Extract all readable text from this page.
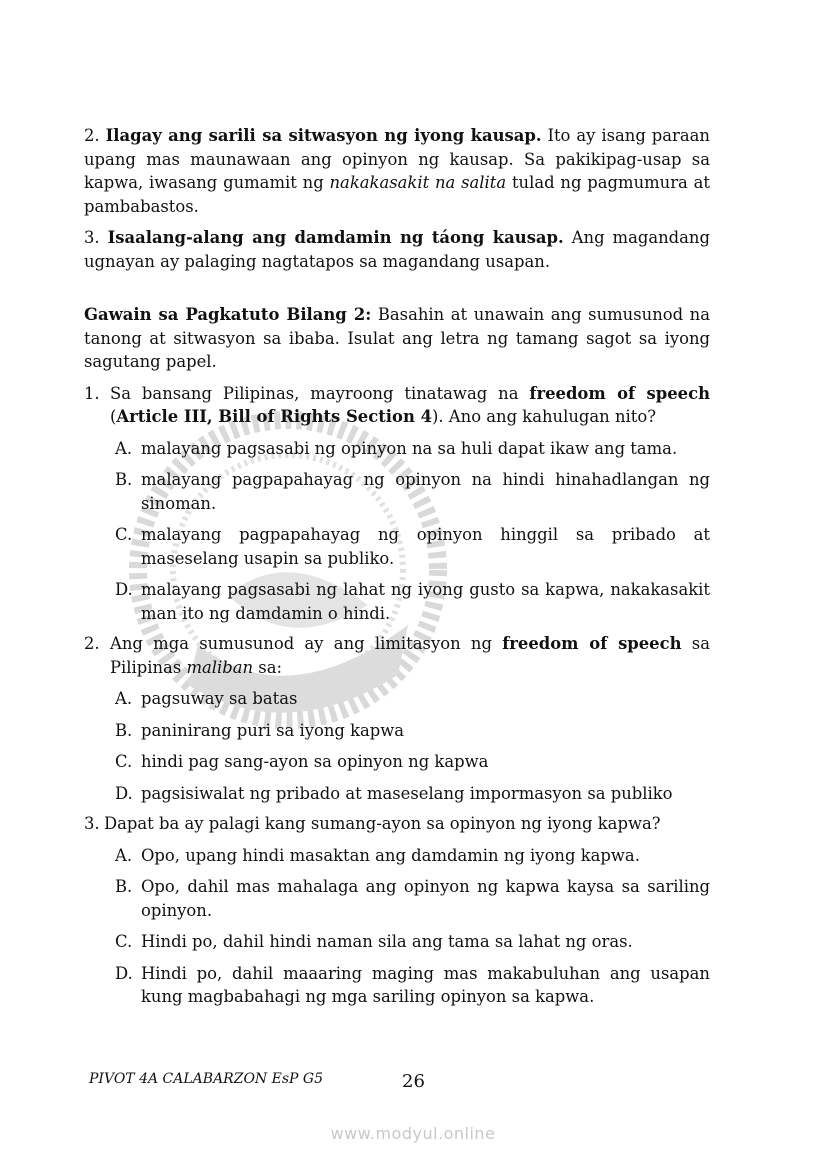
2. Ilagay ang sarili sa sitwasyon ng iyong kausap. Ito ay isang paraan upang mas maunawaan ang opinyon ng kausap. Sa pakikipag-usap sa kapwa, iwasang gumamit ng nakakasakit na salita tulad ng pagmumura at pambabastos.

3. Isaalang-alang ang damdamin ng táong kausap. Ang magandang ugnayan ay palaging nagtatapos sa magandang usapan.

Gawain sa Pagkatuto Bilang 2: Basahin at unawain ang sumusunod na tanong at sitwasyon sa ibaba. Isulat ang letra ng tamang sagot sa iyong sagutang papel.

1. Sa bansang Pilipinas, mayroong tinatawag na freedom of speech (Article III, Bill of Rights Section 4). Ano ang kahulugan nito?
A. malayang pagsasabi ng opinyon na sa huli dapat ikaw ang tama.
B. malayang pagpapahayag ng opinyon na hindi hinahadlangan ng sinoman.
C. malayang pagpapahayag ng opinyon hinggil sa pribado at maseselang usapin sa publiko.
D. malayang pagsasabi ng lahat ng iyong gusto sa kapwa, nakakasakit man ito ng damdamin o hindi.
2. Ang mga sumusunod ay ang limitasyon ng freedom of speech sa Pilipinas maliban sa:
A. pagsuway sa batas
B. paninirang puri sa iyong kapwa
C. hindi pag sang-ayon sa opinyon ng kapwa
D. pagsisiwalat ng pribado at maseselang impormasyon sa publiko
3. Dapat ba ay palagi kang sumang-ayon sa opinyon ng iyong kapwa?
A. Opo, upang hindi masaktan ang damdamin ng iyong kapwa.
B. Opo, dahil mas mahalaga ang opinyon ng kapwa kaysa sa sariling opinyon.
C. Hindi po, dahil hindi naman sila ang tama sa lahat ng oras.
D. Hindi po, dahil maaaring maging mas makabuluhan ang usapan kung magbabahagi ng mga sariling opinyon sa kapwa.
PIVOT 4A CALABARZON EsP G5	26
www.modyul.online
